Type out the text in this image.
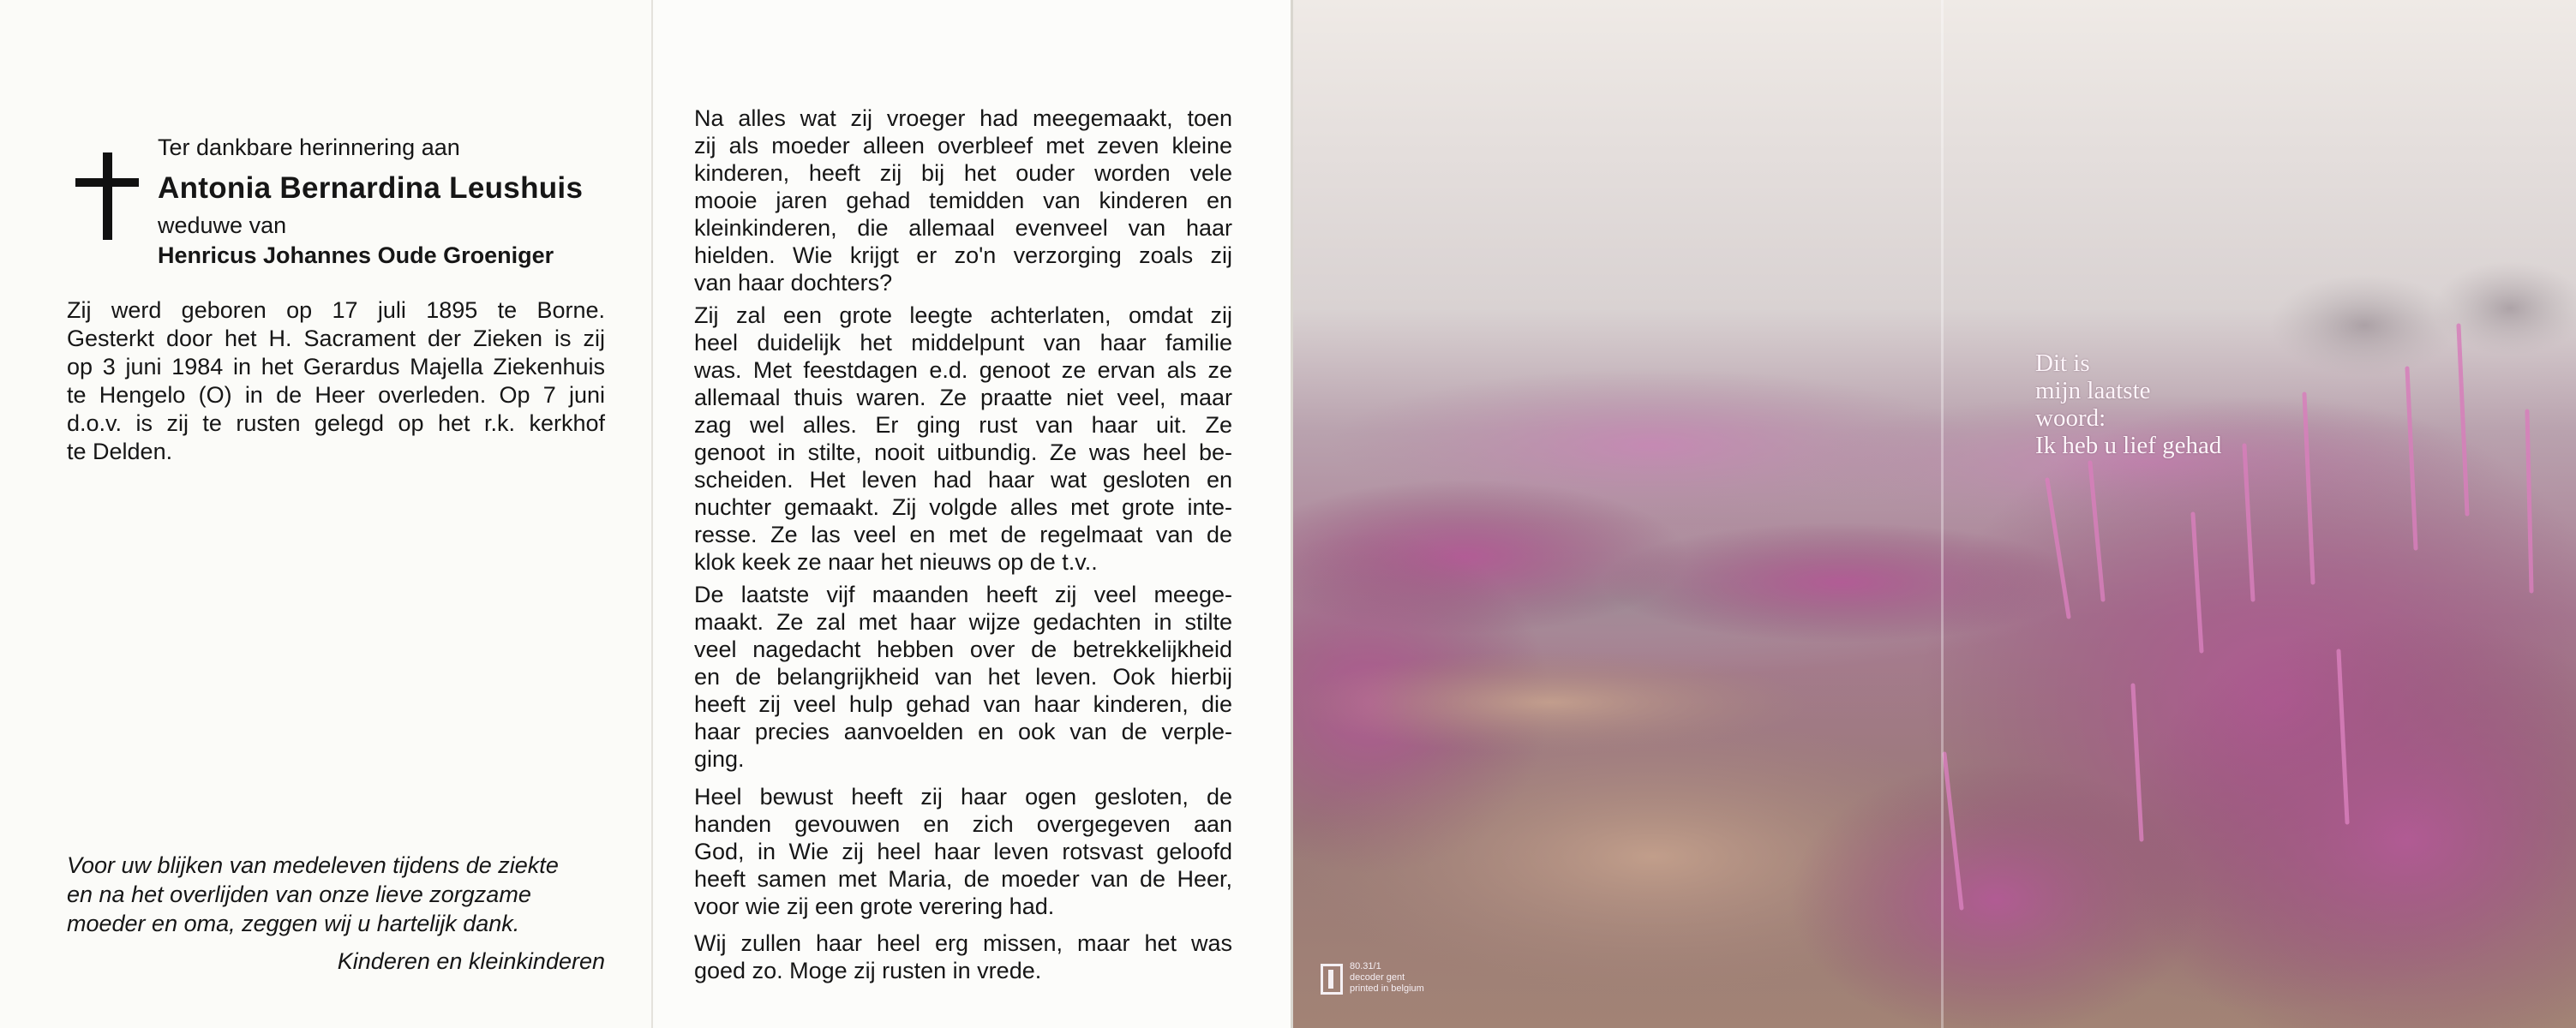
Ter dankbare herinnering aan
Antonia Bernardina Leushuis
weduwe van
Henricus Johannes Oude Groeniger
Zij werd geboren op 17 juli 1895 te Borne.
Gesterkt door het H. Sacrament der Zieken is zij
op 3 juni 1984 in het Gerardus Majella Ziekenhuis
te Hengelo (O) in de Heer overleden. Op 7 juni
d.o.v. is zij te rusten gelegd op het r.k. kerkhof
te Delden.
Voor uw blijken van medeleven tijdens de ziekte
en na het overlijden van onze lieve zorgzame
moeder en oma, zeggen wij u hartelijk dank.
Kinderen en kleinkinderen
Na alles wat zij vroeger had meegemaakt, toen
zij als moeder alleen overbleef met zeven kleine
kinderen, heeft zij bij het ouder worden vele
mooie jaren gehad temidden van kinderen en
kleinkinderen, die allemaal evenveel van haar
hielden. Wie krijgt er zo'n verzorging zoals zij
van haar dochters?
Zij zal een grote leegte achterlaten, omdat zij
heel duidelijk het middelpunt van haar familie
was. Met feestdagen e.d. genoot ze ervan als ze
allemaal thuis waren. Ze praatte niet veel, maar
zag wel alles. Er ging rust van haar uit. Ze
genoot in stilte, nooit uitbundig. Ze was heel be-
scheiden. Het leven had haar wat gesloten en
nuchter gemaakt. Zij volgde alles met grote inte-
resse. Ze las veel en met de regelmaat van de
klok keek ze naar het nieuws op de t.v..
De laatste vijf maanden heeft zij veel meege-
maakt. Ze zal met haar wijze gedachten in stilte
veel nagedacht hebben over de betrekkelijkheid
en de belangrijkheid van het leven. Ook hierbij
heeft zij veel hulp gehad van haar kinderen, die
haar precies aanvoelden en ook van de verple-
ging.
Heel bewust heeft zij haar ogen gesloten, de
handen gevouwen en zich overgegeven aan
God, in Wie zij heel haar leven rotsvast geloofd
heeft samen met Maria, de moeder van de Heer,
voor wie zij een grote verering had.
Wij zullen haar heel erg missen, maar het was
goed zo. Moge zij rusten in vrede.
Dit is
mijn laatste
woord:
Ik heb u lief gehad
80.31/1
decoder gent
printed in belgium
